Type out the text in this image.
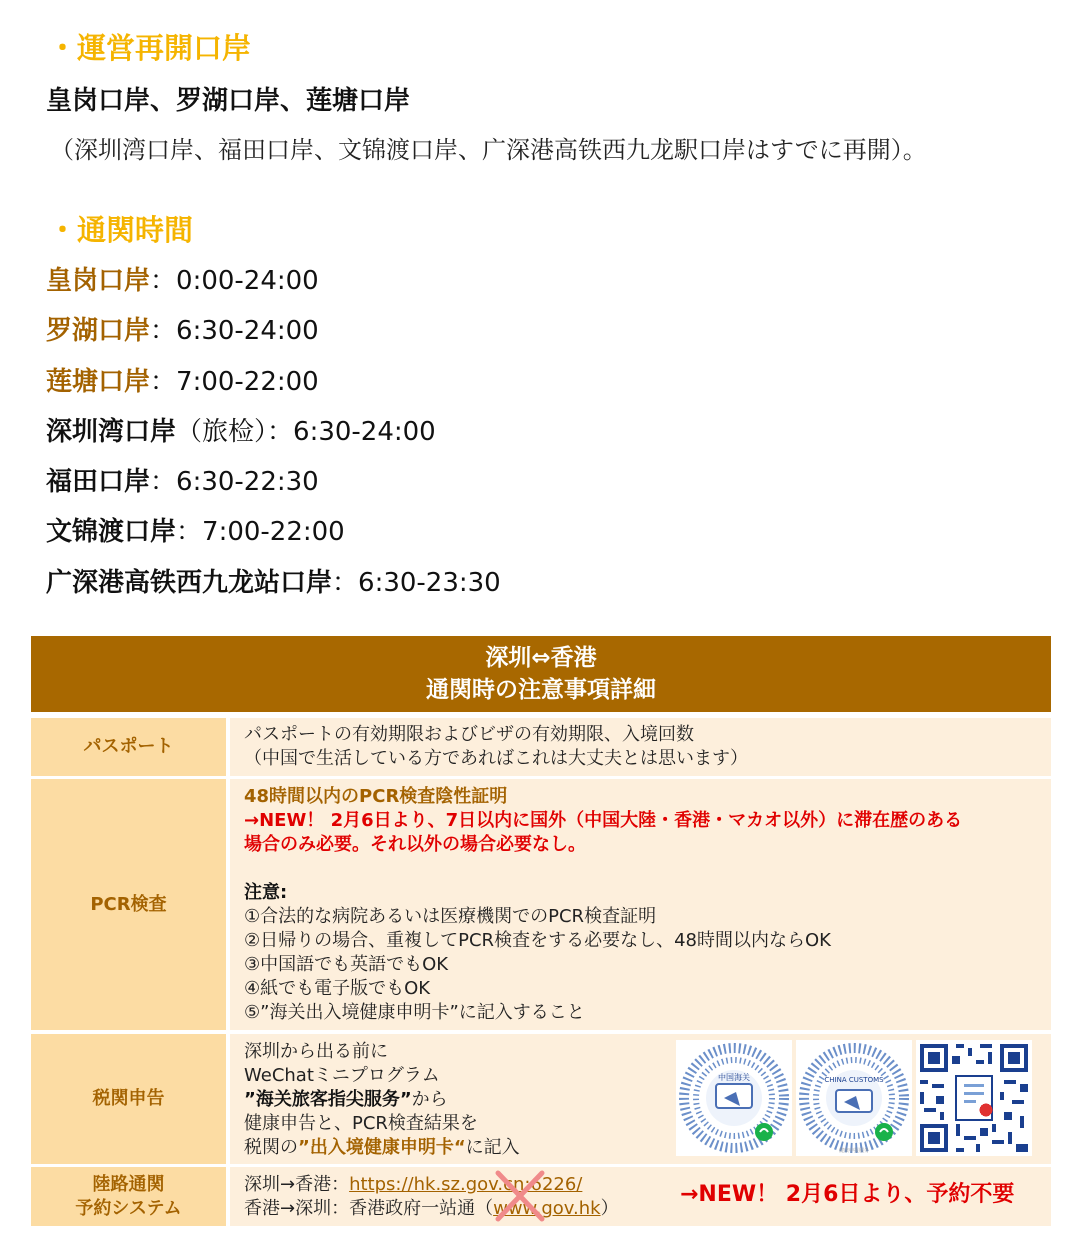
・運営再開口岸
皇岗口岸、罗湖口岸、莲塘口岸
（深圳湾口岸、福田口岸、文锦渡口岸、广深港高铁西九龙駅口岸はすでに再開）。
・通関時間
皇岗口岸：0:00-24:00
罗湖口岸：6:30-24:00
莲塘口岸：7:00-22:00
深圳湾口岸（旅检）：6:30-24:00
福田口岸：6:30-22:30
文锦渡口岸：7:00-22:00
广深港高铁西九龙站口岸：6:30-23:30
深圳⇔香港
通関時の注意事項詳細
パスポート
パスポートの有効期限およびビザの有効期限、入境回数
（中国で生活している方であればこれは大丈夫とは思います）
PCR検査
48時間以内のPCR検査陰性証明
→NEW！ 2月6日より、7日以内に国外（中国大陸・香港・マカオ以外）に滞在歴のある
場合のみ必要。それ以外の場合必要なし。
注意:
①合法的な病院あるいは医療機関でのPCR検査証明
②日帰りの場合、重複してPCR検査をする必要なし、48時間以内ならOK
③中国語でも英語でもOK
④紙でも電子版でもOK
⑤”海关出入境健康申明卡”に記入すること
税関申告
深圳から出る前に
WeChatミニプログラム
”海关旅客指尖服务”から
健康申告と、PCR検査結果を
税関の”出入境健康申明卡“に記入
中国海关	CHINA CUSTOMS
健康申报服务
陸路通関
予約システム
深圳→香港：https://hk.sz.gov.cn:6226/
香港→深圳：香港政府一站通（www.gov.hk）
→NEW！ 2月6日より、予約不要
